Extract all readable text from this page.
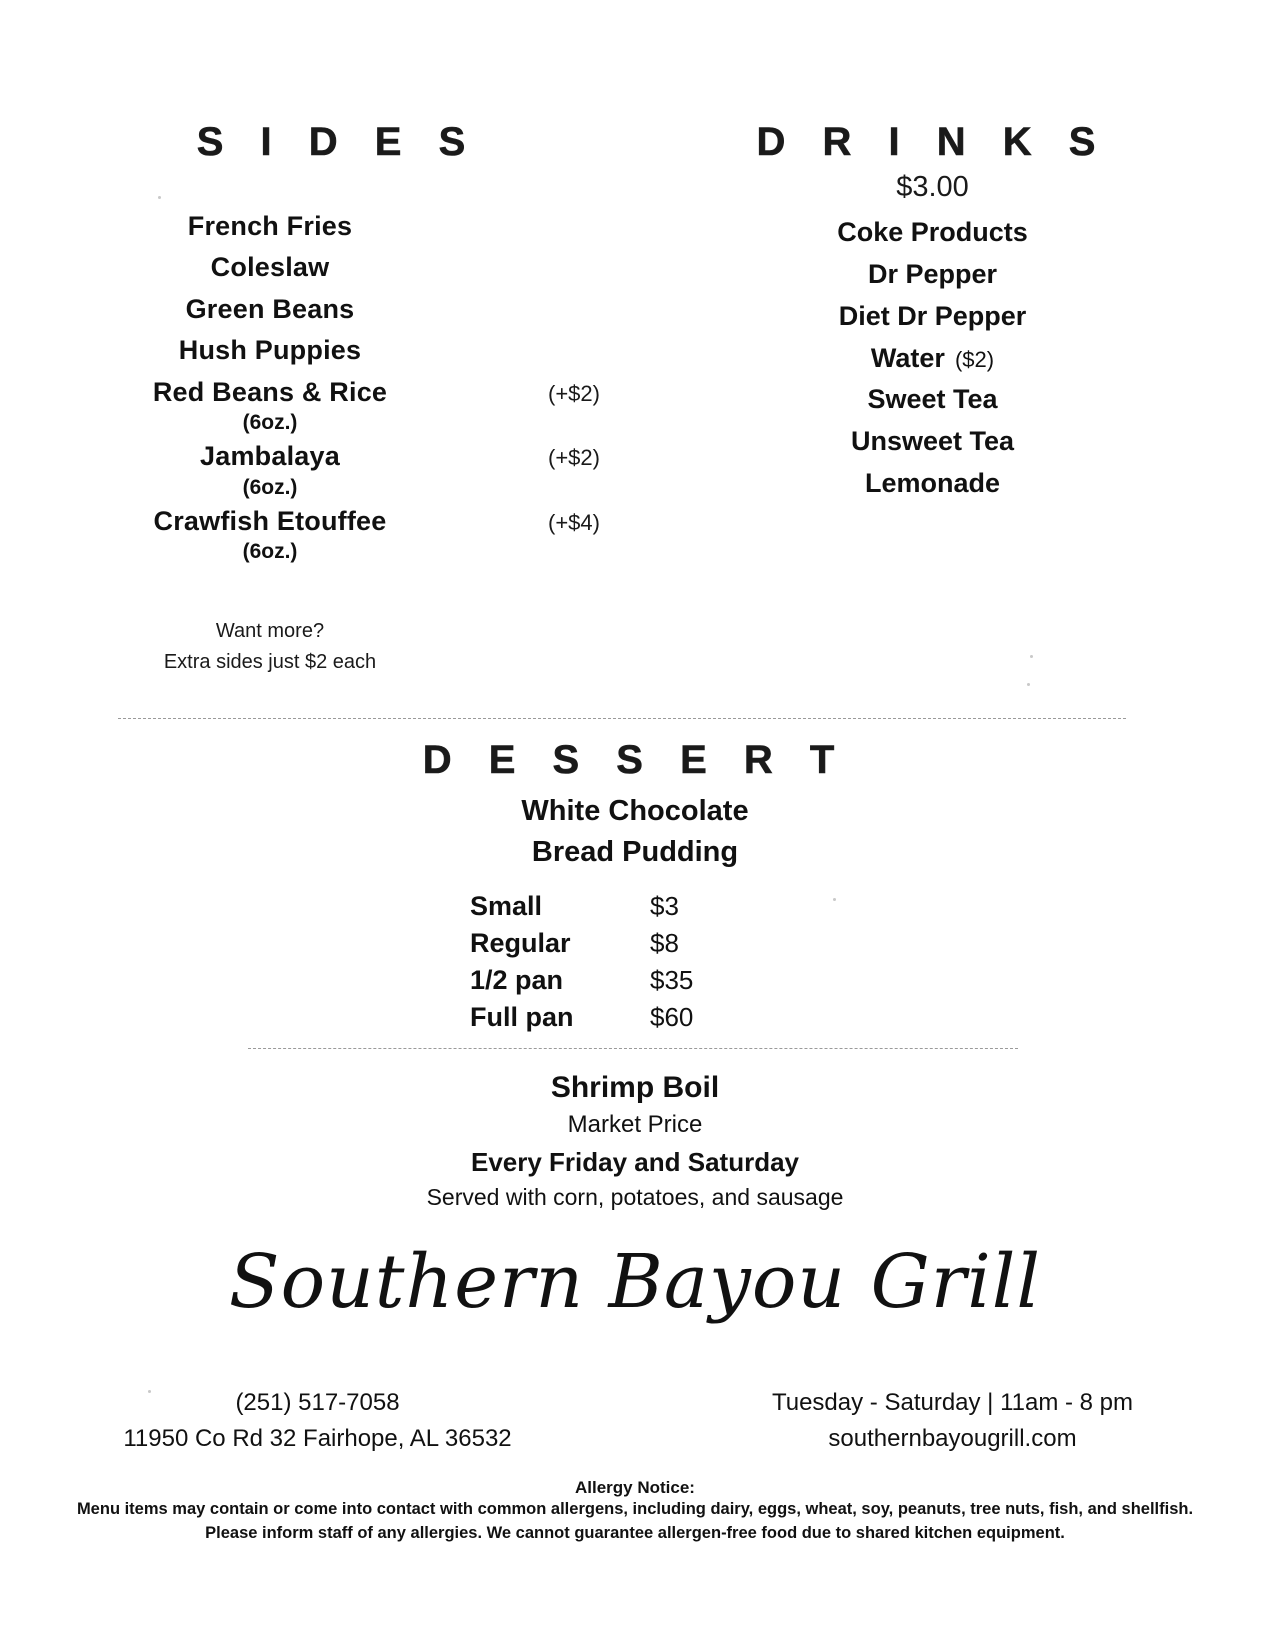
S I D E S
French Fries
Coleslaw
Green Beans
Hush Puppies
Red Beans & Rice
(6oz.)
(+$2)
Jambalaya
(6oz.)
(+$2)
Crawfish Etouffee
(6oz.)
(+$4)
Want more?
Extra sides just $2 each
D R I N K S
$3.00
Coke Products
Dr Pepper
Diet Dr Pepper
Water ($2)
Sweet Tea
Unsweet Tea
Lemonade
D E S S E R T
White Chocolate
Bread Pudding
Small	$3
Regular	$8
1/2 pan	$35
Full pan	$60
Shrimp Boil
Market Price
Every Friday and Saturday
Served with corn, potatoes, and sausage
Southern Bayou Grill
(251) 517-7058
11950 Co Rd 32 Fairhope, AL 36532
Tuesday - Saturday | 11am - 8 pm
southernbayougrill.com
Allergy Notice:
Menu items may contain or come into contact with common allergens, including dairy, eggs, wheat, soy, peanuts, tree nuts, fish, and shellfish.
Please inform staff of any allergies. We cannot guarantee allergen-free food due to shared kitchen equipment.
